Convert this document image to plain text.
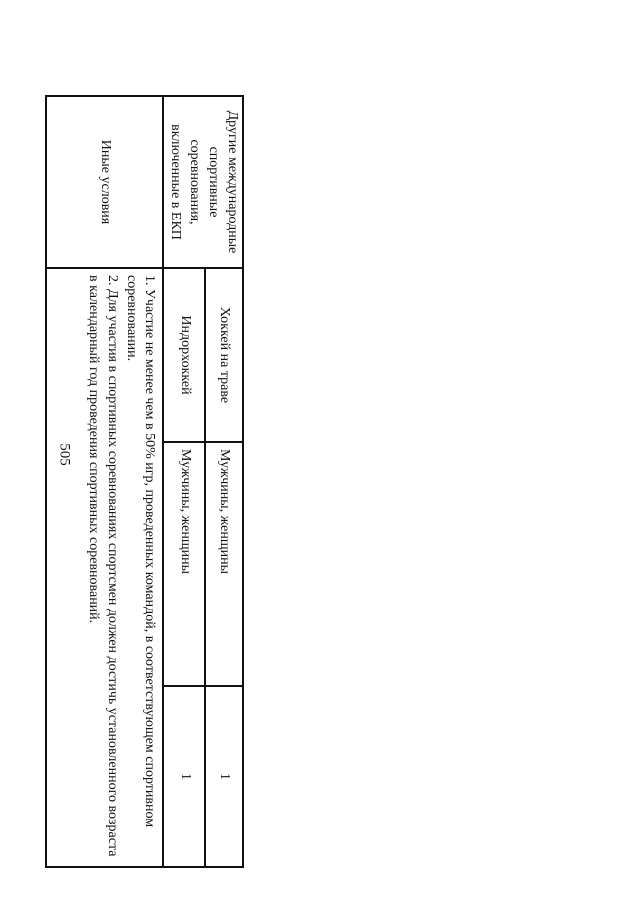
505
Другие международные спортивные соревнования, включенные в ЕКП	Хоккей на траве	Мужчины, женщины	1
	Индорхоккей	Мужчины, женщины	1
Иные условия	1. Участие не менее чем в 50% игр, проведенных командой, в соответствующем спортивном соревновании.

2. Для участия в спортивных соревнованиях спортсмен должен достичь установленного возраста в календарный год проведения спортивных соревнований.		
